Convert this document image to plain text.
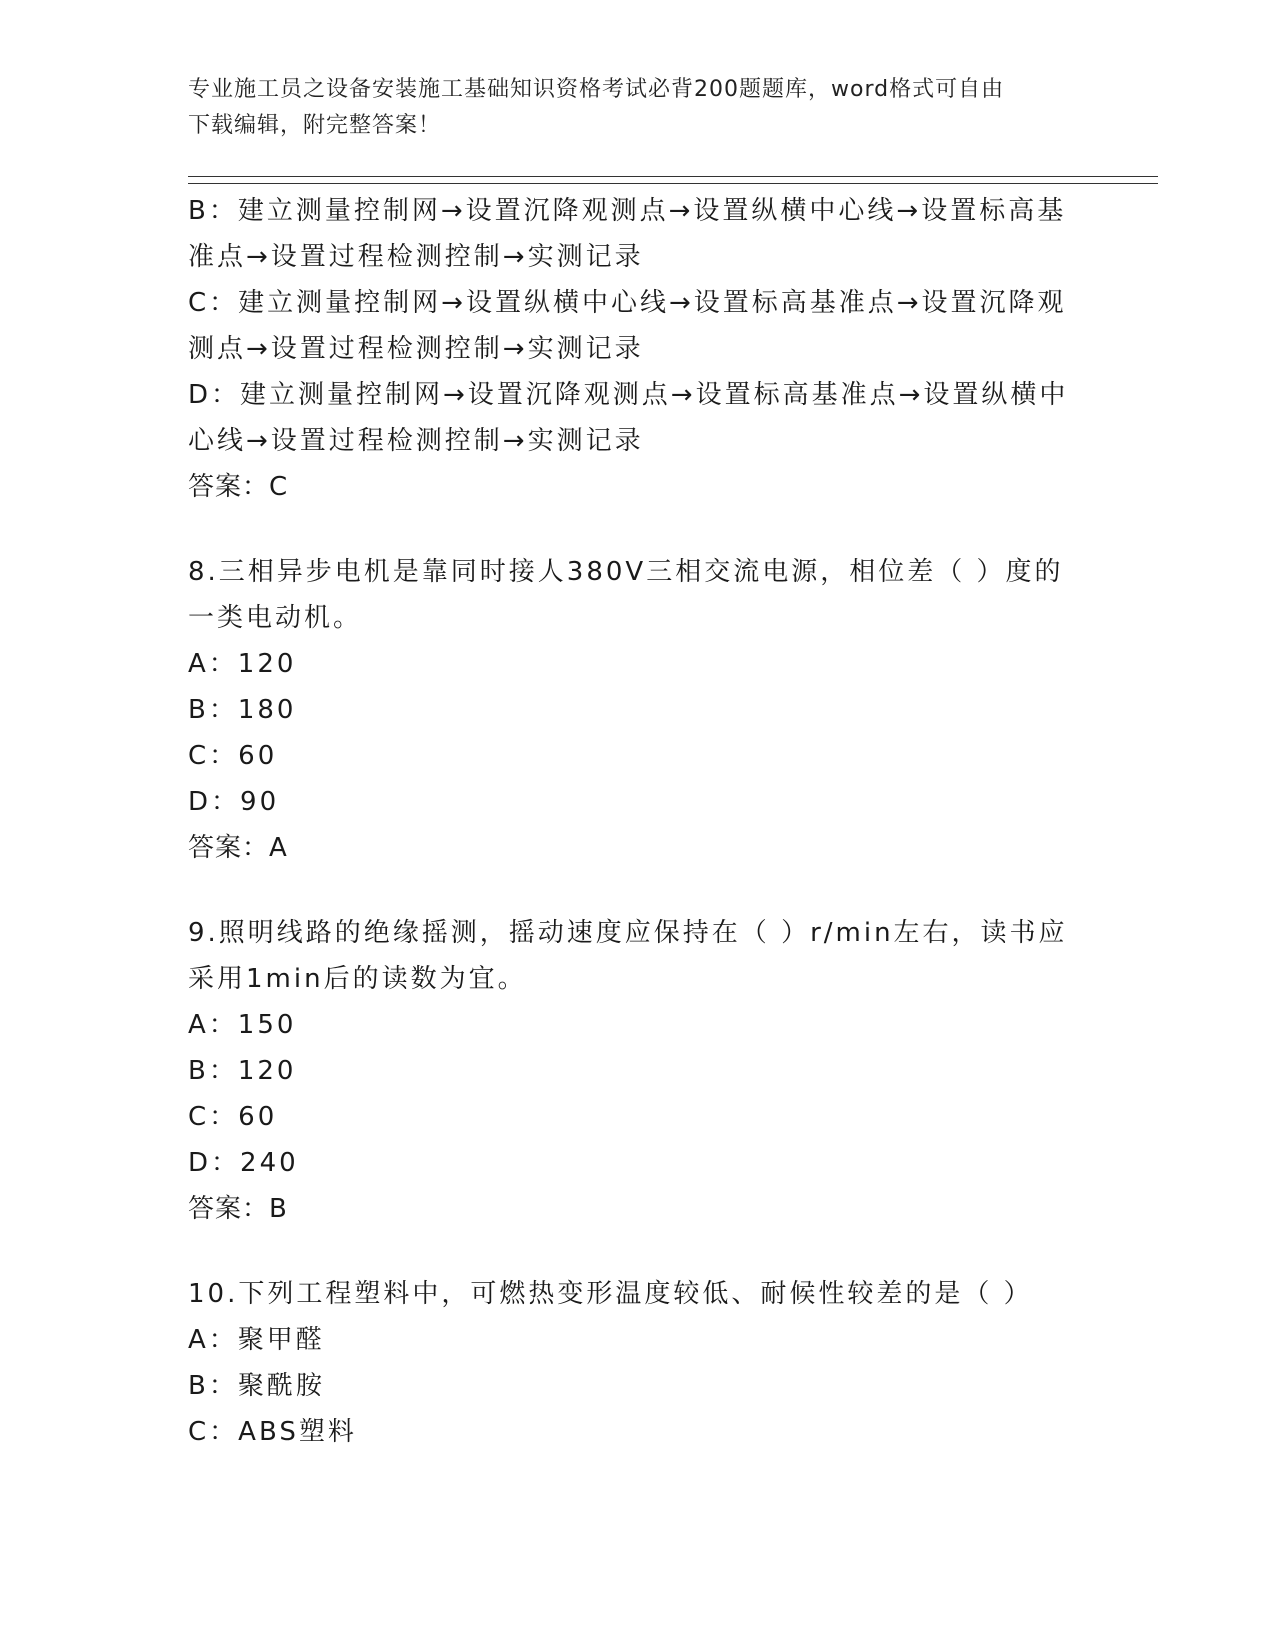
专业施工员之设备安装施工基础知识资格考试必背200题题库，word格式可自由
下载编辑，附完整答案！
B：建立测量控制网→设置沉降观测点→设置纵横中心线→设置标高基
准点→设置过程检测控制→实测记录
C：建立测量控制网→设置纵横中心线→设置标高基准点→设置沉降观
测点→设置过程检测控制→实测记录
D：建立测量控制网→设置沉降观测点→设置标高基准点→设置纵横中
心线→设置过程检测控制→实测记录
答案：C
8.三相异步电机是靠同时接人380V三相交流电源，相位差（ ）度的
一类电动机。
A：120
B：180
C：60
D：90
答案：A
9.照明线路的绝缘摇测，摇动速度应保持在（ ）r/min左右，读书应
采用1min后的读数为宜。
A：150
B：120
C：60
D：240
答案：B
10.下列工程塑料中，可燃热变形温度较低、耐候性较差的是（ ）
A：聚甲醛
B：聚酰胺
C：ABS塑料
